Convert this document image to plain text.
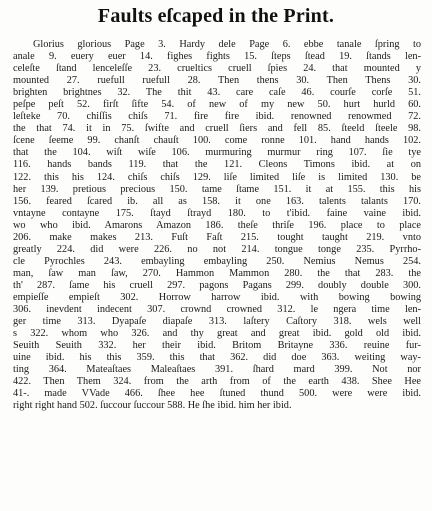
Faults eſcaped in the Print.
Glorius glorious Page 3. Hardy dele Page 6. ebbe tanale ſpring to
anale 9. euery euer 14. fighes fights 15. ſteps ſtead 19. ſtands len-
celeſte ſtand lenceleſſe 23. crueltics cruell ſpies 24. that mounted y
mounted 27. ruefull ruefull 28. Then thens 30. Then Thens 30.
brighten brightnes 32. The thit 43. care caſe 46. courſe corſe 51.
peſpe peſt 52. firſt ſifte 54. of new of my new 50. hurt hurld 60.
leſteke 70. chiſſis chiſs 71. fire fire ibid. renowned renowmed 72.
the that 74. it in 75. ſwifte and cruell ſiers and fell 85. ſteeld ſteele 98.
ſcene ſeeme 99. chanſt chauſt 100. come ronne 101. hand hands 102.
that the 104. wiſt wiſe 106. murmuring murmur ring 107. ſie tye
116. hands bands 119. that the 121. Cleons Timons ibid. at on
122. this his 124. chiſs chiſs 129. liſe limited liſe is limited 130. be
her 139. pretious precious 150. tame ſtame 151. it at 155. this his
156. feared ſcared ib. all as 158. it one 163. talents talants 170.
vntayne contayne 175. ſtayd ſtrayd 180. to t'ibid. faine vaine ibid.
wo who ibid. Amarons Amazon 186. theſe thriſe 196. place to place
206. make makes 213. Fuſt Faſt 215. tought taught 219. vnto
greatly 224. did were 226. no not 214. tongue tonge 235. Pyrrho-
cle Pyrochles 243. embayling embayling 250. Nemius Nemus 254.
man, ſaw man ſaw, 270. Hammon Mammon 280. the that 283. the
th' 287. ſame his cruell 297. pagons Pagans 299. doubly double 300.
empieſſe empieſt 302. Horrow harrow ibid. with bowing bowing
306. inevdent indecent 307. crownd crowned 312. le ngera time len-
ger time 313. Dyapaſe diapaſe 313. laſtery Caſtory 318. wels well
s 322. whom who 326. and thy great and great ibid. gold old ibid.
Seuith Seuith 332. her their ibid. Britom Britayne 336. reuine fur-
uine ibid. his this 359. this that 362. did doe 363. weiting way-
ting 364. Mateaſtaes Maleaſtaes 391. ſhard mard 399. Not nor
422. Then Them 324. from the arth from of the earth 438. Shee Hee
41-. made VVade 466. ſhee hee ſtuned thund 500. were were ibid.
right right hand 502. ſuccour ſuccour 588. He ſhe ibid. him her ibid.
